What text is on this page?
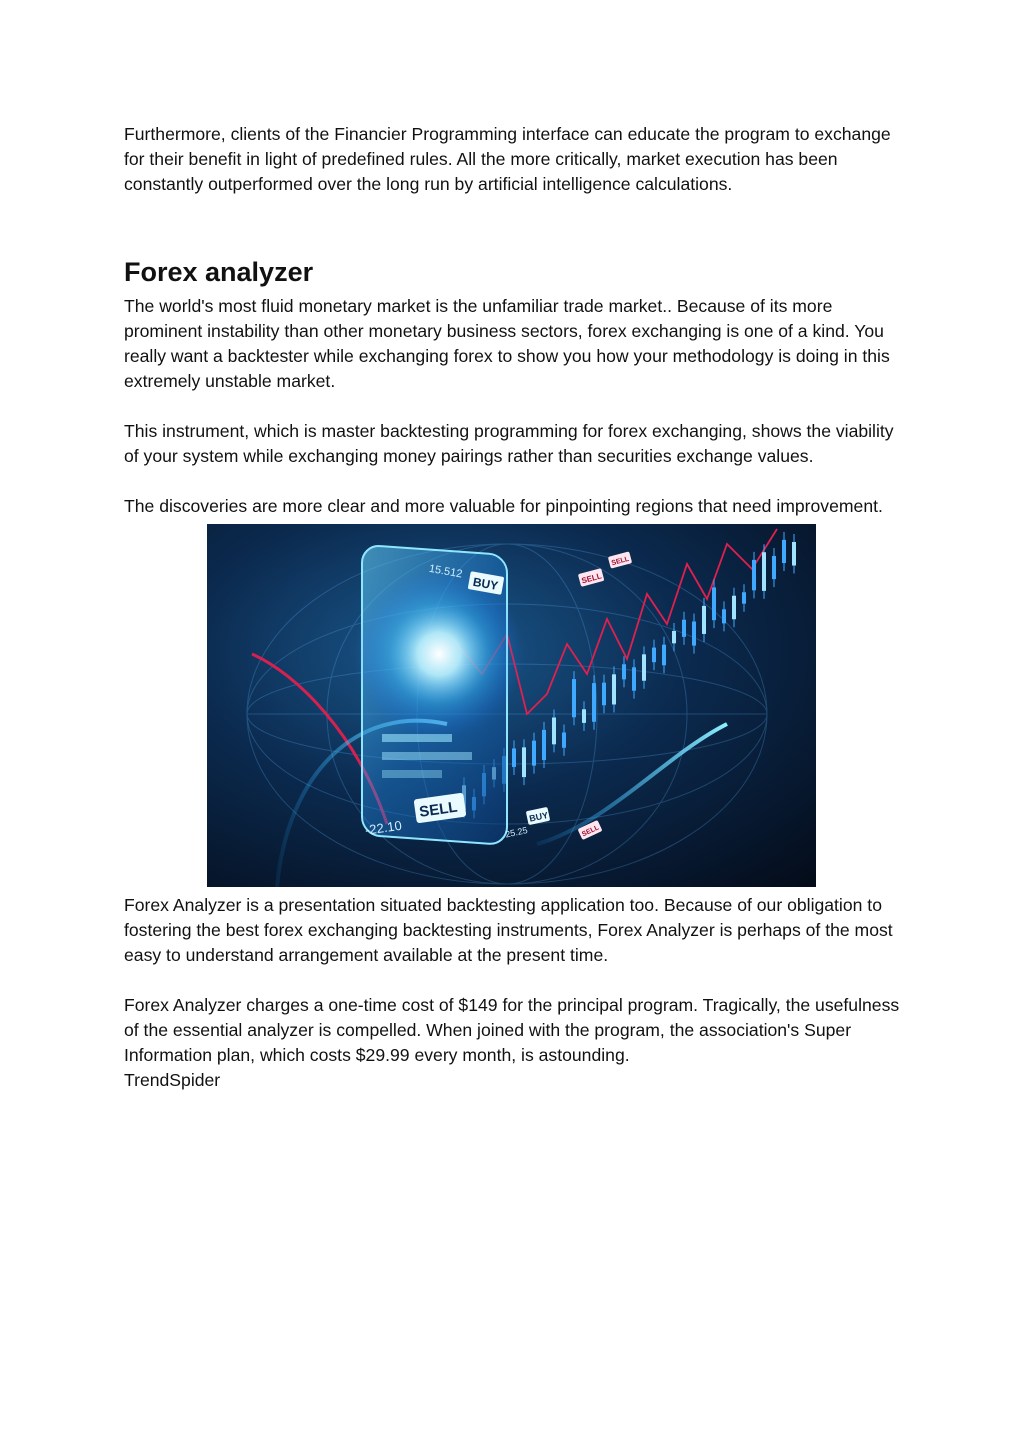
Furthermore, clients of the Financier Programming interface can educate the program to exchange for their benefit in light of predefined rules. All the more critically, market execution has been constantly outperformed over the long run by artificial intelligence calculations.

Forex analyzer

The world's most fluid monetary market is the unfamiliar trade market.. Because of its more prominent instability than other monetary business sectors, forex exchanging is one of a kind. You really want a backtester while exchanging forex to show you how your methodology is doing in this extremely unstable market.

This instrument, which is master backtesting programming for forex exchanging, shows the viability of your system while exchanging money pairings rather than securities exchange values.

The discoveries are more clear and more valuable for pinpointing regions that need improvement.

BUY
15.512
SELL
-22.10
BUY
25.25
SELL
SELL
SELL

Forex Analyzer is a presentation situated backtesting application too. Because of our obligation to fostering the best forex exchanging backtesting instruments, Forex Analyzer is perhaps of the most easy to understand arrangement available at the present time.

Forex Analyzer charges a one-time cost of $149 for the principal program. Tragically, the usefulness of the essential analyzer is compelled. When joined with the program, the association's Super Information plan, which costs $29.99 every month, is astounding.

TrendSpider
